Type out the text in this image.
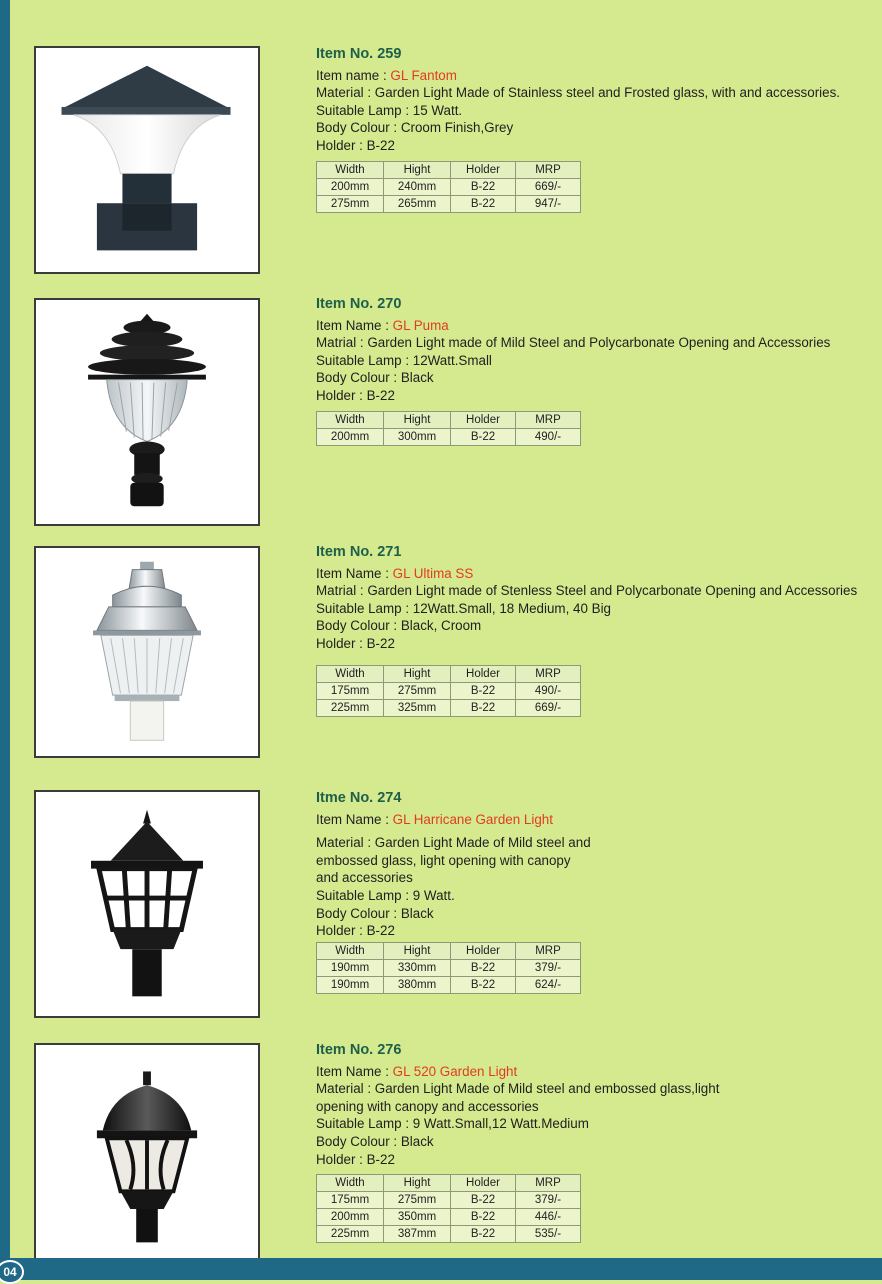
Item No. 259
Item name : GL Fantom
Material : Garden Light Made of Stainless steel and Frosted glass, with and accessories.
Suitable Lamp : 15 Watt.
Body Colour : Croom Finish,Grey
Holder : B-22
Width	Hight	Holder	MRP
200mm	240mm	B-22	669/-
275mm	265mm	B-22	947/-
Item No. 270
Item Name : GL Puma
Matrial : Garden Light made of Mild Steel and Polycarbonate Opening and Accessories
Suitable Lamp : 12Watt.Small
Body Colour : Black
Holder : B-22
Width	Hight	Holder	MRP
200mm	300mm	B-22	490/-
Item No. 271
Item Name : GL Ultima SS
Matrial : Garden Light made of Stenless Steel and Polycarbonate Opening and Accessories
Suitable Lamp : 12Watt.Small, 18 Medium, 40 Big
Body Colour : Black, Croom
Holder : B-22
Width	Hight	Holder	MRP
175mm	275mm	B-22	490/-
225mm	325mm	B-22	669/-
Itme No. 274
Item Name : GL Harricane Garden Light
Material : Garden Light Made of Mild steel and embossed glass, light opening with canopy and accessories
Suitable Lamp : 9 Watt.
Body Colour : Black
Holder : B-22
Width	Hight	Holder	MRP
190mm	330mm	B-22	379/-
190mm	380mm	B-22	624/-
Item No. 276
Item Name : GL 520 Garden Light
Material : Garden Light Made of Mild steel and embossed glass,light opening with canopy and accessories
Suitable Lamp : 9 Watt.Small,12 Watt.Medium
Body Colour : Black
Holder : B-22
Width	Hight	Holder	MRP
175mm	275mm	B-22	379/-
200mm	350mm	B-22	446/-
225mm	387mm	B-22	535/-
04
